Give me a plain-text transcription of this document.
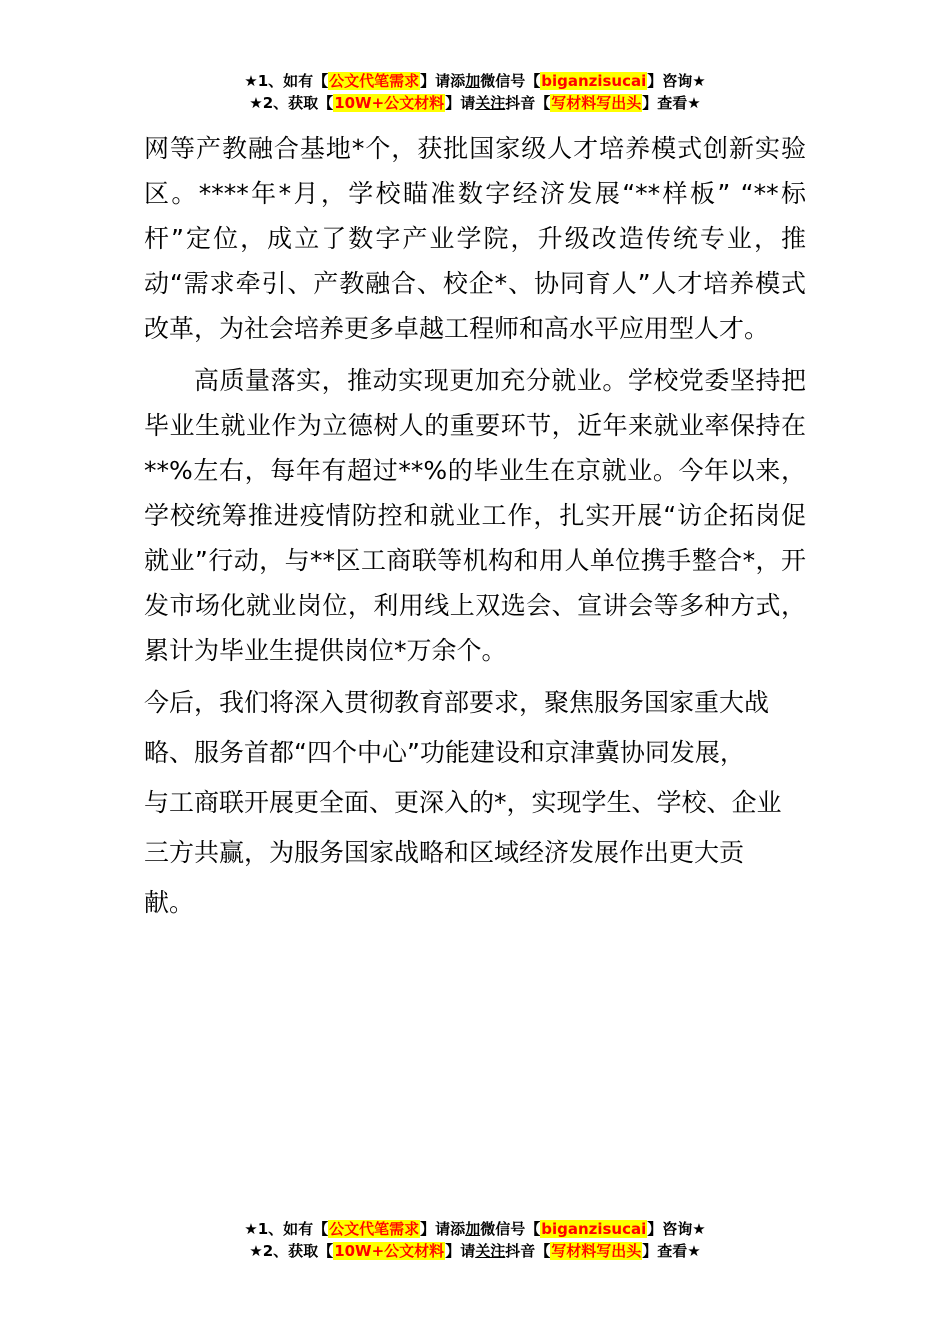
★1、如有【公文代笔需求】请添加微信号【biganzisucai】咨询★
★2、获取【10W+公文材料】请关注抖音【写材料写出头】查看★
网等产教融合基地*个，获批国家级人才培养模式创新实验区。****年*月，学校瞄准数字经济发展“**样板” “**标杆”定位，成立了数字产业学院，升级改造传统专业，推动“需求牵引、产教融合、校企*、协同育人”人才培养模式改革，为社会培养更多卓越工程师和高水平应用型人才。
高质量落实，推动实现更加充分就业。学校党委坚持把毕业生就业作为立德树人的重要环节，近年来就业率保持在**%左右，每年有超过**%的毕业生在京就业。今年以来，学校统筹推进疫情防控和就业工作，扎实开展“访企拓岗促就业”行动，与**区工商联等机构和用人单位携手整合*，开发市场化就业岗位，利用线上双选会、宣讲会等多种方式，累计为毕业生提供岗位*万余个。
今后，我们将深入贯彻教育部要求，聚焦服务国家重大战
略、服务首都“四个中心”功能建设和京津冀协同发展，
与工商联开展更全面、更深入的*，实现学生、学校、企业
三方共赢，为服务国家战略和区域经济发展作出更大贡
献。
★1、如有【公文代笔需求】请添加微信号【biganzisucai】咨询★
★2、获取【10W+公文材料】请关注抖音【写材料写出头】查看★
